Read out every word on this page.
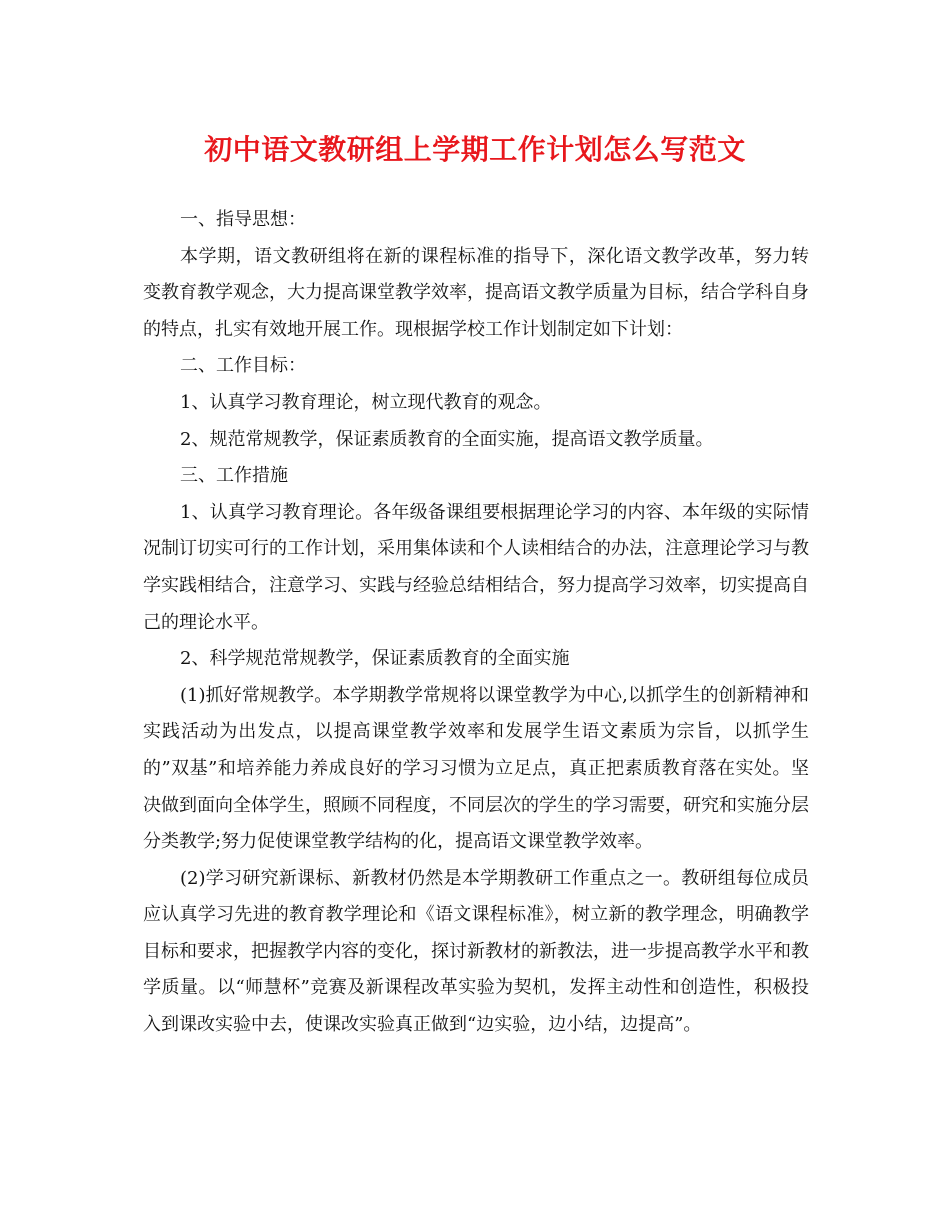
初中语文教研组上学期工作计划怎么写范文

一、指导思想：

本学期，语文教研组将在新的课程标准的指导下，深化语文教学改革，努力转变教育教学观念，大力提高课堂教学效率，提高语文教学质量为目标，结合学科自身的特点，扎实有效地开展工作。现根据学校工作计划制定如下计划：

二、工作目标：

1、认真学习教育理论，树立现代教育的观念。

2、规范常规教学，保证素质教育的全面实施，提高语文教学质量。

三、工作措施

1、认真学习教育理论。各年级备课组要根据理论学习的内容、本年级的实际情况制订切实可行的工作计划，采用集体读和个人读相结合的办法，注意理论学习与教学实践相结合，注意学习、实践与经验总结相结合，努力提高学习效率，切实提高自己的理论水平。

2、科学规范常规教学，保证素质教育的全面实施

(1)抓好常规教学。本学期教学常规将以课堂教学为中心,以抓学生的创新精神和实践活动为出发点，以提高课堂教学效率和发展学生语文素质为宗旨，以抓学生的”双基”和培养能力养成良好的学习习惯为立足点，真正把素质教育落在实处。坚决做到面向全体学生，照顾不同程度，不同层次的学生的学习需要，研究和实施分层分类教学;努力促使课堂教学结构的化，提高语文课堂教学效率。

(2)学习研究新课标、新教材仍然是本学期教研工作重点之一。教研组每位成员应认真学习先进的教育教学理论和《语文课程标准》，树立新的教学理念，明确教学目标和要求，把握教学内容的变化，探讨新教材的新教法，进一步提高教学水平和教学质量。以“师慧杯”竞赛及新课程改革实验为契机，发挥主动性和创造性，积极投入到课改实验中去，使课改实验真正做到“边实验，边小结，边提高”。
